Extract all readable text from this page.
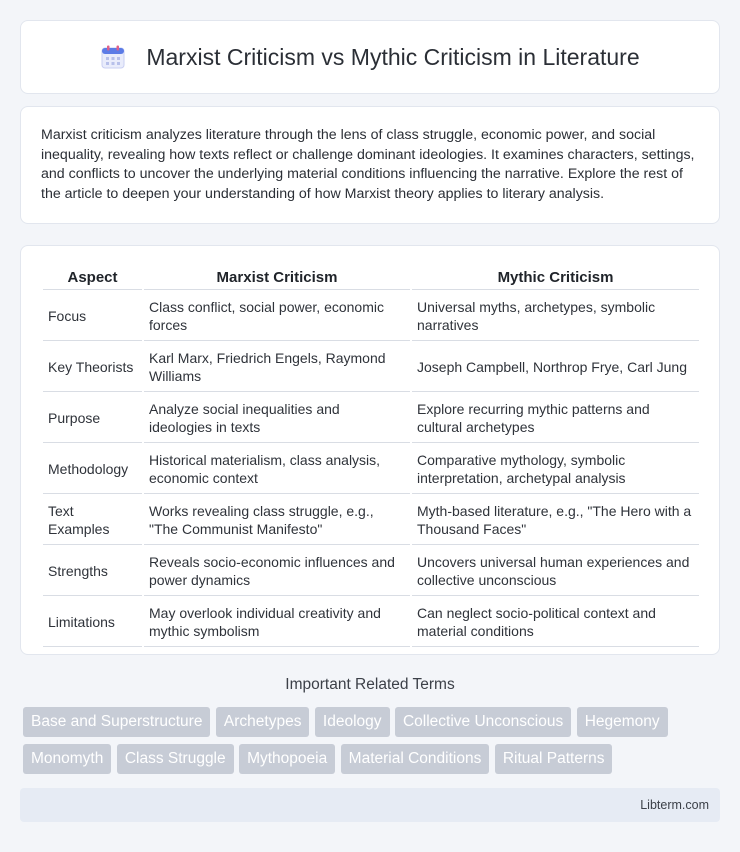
Marxist Criticism vs Mythic Criticism in Literature

Marxist criticism analyzes literature through the lens of class struggle, economic power, and social inequality, revealing how texts reflect or challenge dominant ideologies. It examines characters, settings, and conflicts to uncover the underlying material conditions influencing the narrative. Explore the rest of the article to deepen your understanding of how Marxist theory applies to literary analysis.

Aspect	Marxist Criticism	Mythic Criticism
Focus	Class conflict, social power, economic forces	Universal myths, archetypes, symbolic narratives
Key Theorists	Karl Marx, Friedrich Engels, Raymond Williams	Joseph Campbell, Northrop Frye, Carl Jung
Purpose	Analyze social inequalities and ideologies in texts	Explore recurring mythic patterns and cultural archetypes
Methodology	Historical materialism, class analysis, economic context	Comparative mythology, symbolic interpretation, archetypal analysis
Text Examples	Works revealing class struggle, e.g., "The Communist Manifesto"	Myth-based literature, e.g., "The Hero with a Thousand Faces"
Strengths	Reveals socio-economic influences and power dynamics	Uncovers universal human experiences and collective unconscious
Limitations	May overlook individual creativity and mythic symbolism	Can neglect socio-political context and material conditions
Important Related Terms
Base and Superstructure Archetypes Ideology Collective Unconscious Hegemony Monomyth Class Struggle Mythopoeia Material Conditions Ritual Patterns
Libterm.com
